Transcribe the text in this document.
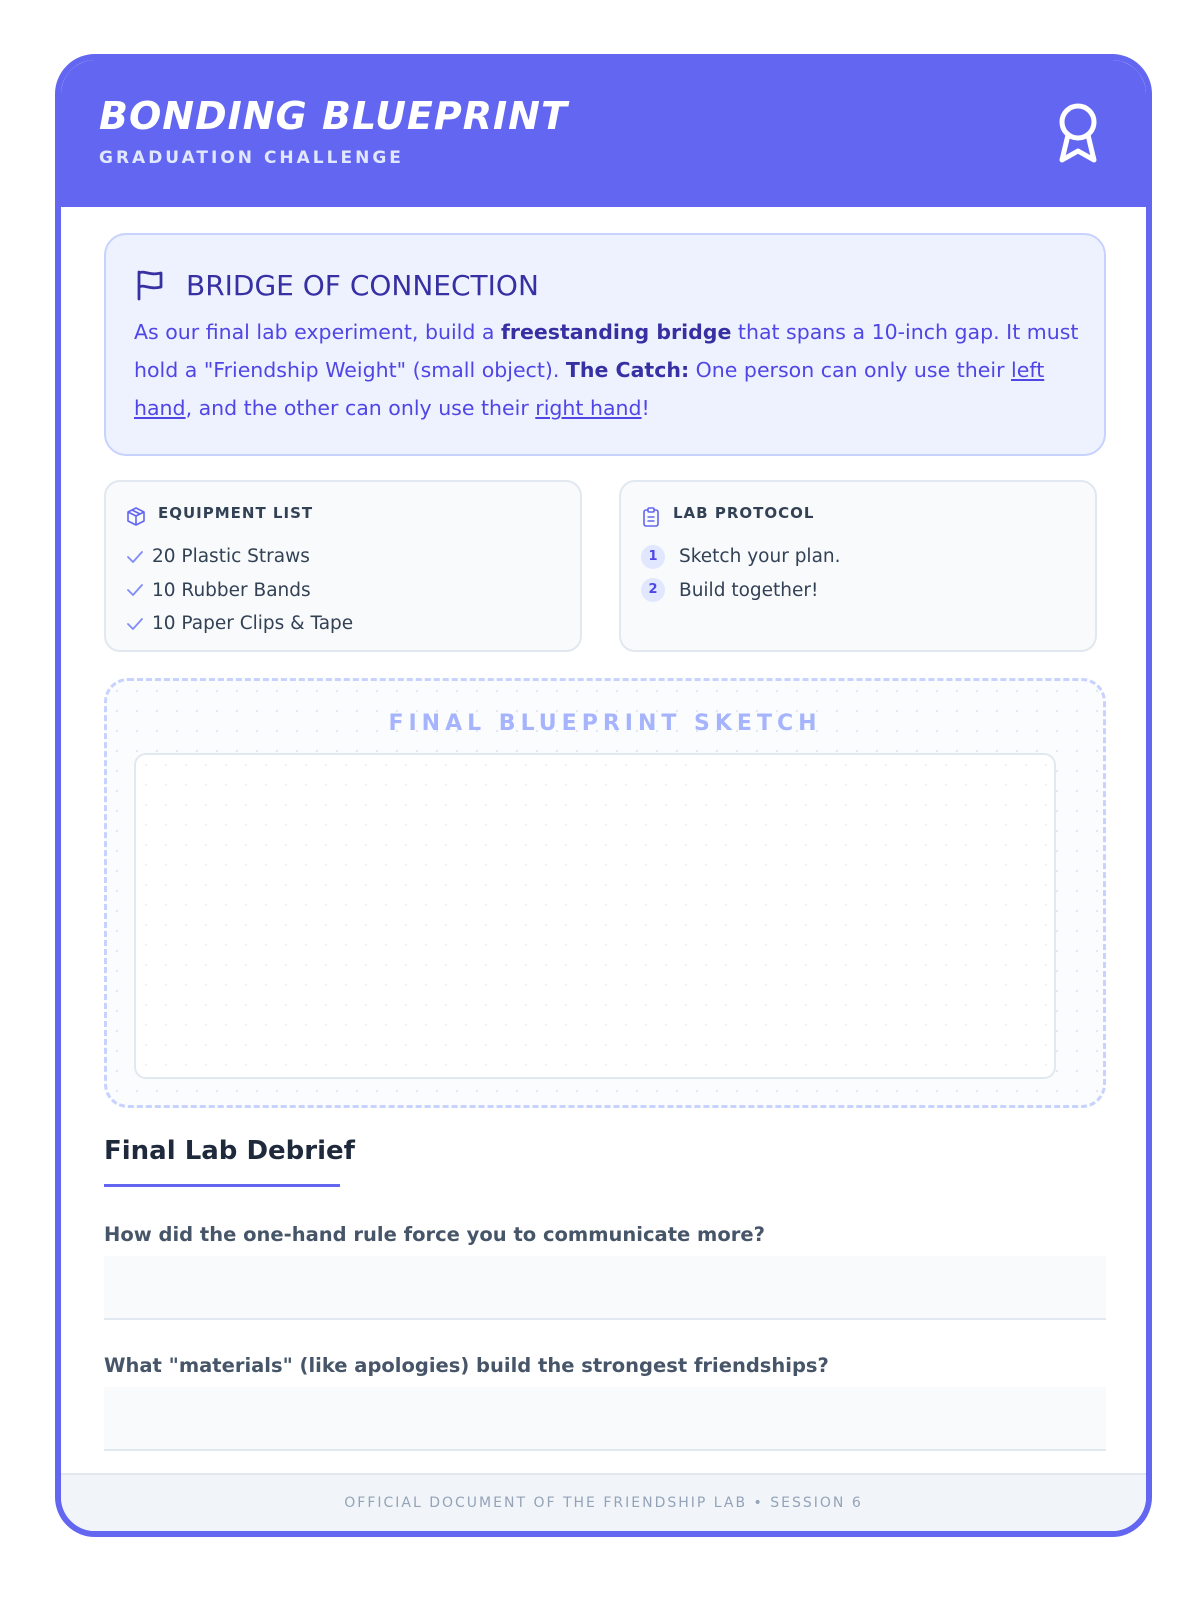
BONDING BLUEPRINT
GRADUATION CHALLENGE
BRIDGE OF CONNECTION
As our final lab experiment, build a freestanding bridge that spans a 10-inch gap. It must hold a "Friendship Weight" (small object). The Catch: One person can only use their left hand, and the other can only use their right hand!
EQUIPMENT LIST
20 Plastic Straws
10 Rubber Bands
10 Paper Clips & Tape
LAB PROTOCOL
1	Sketch your plan.
2	Build together!
FINAL BLUEPRINT SKETCH
Final Lab Debrief
How did the one-hand rule force you to communicate more?
What "materials" (like apologies) build the strongest friendships?
OFFICIAL DOCUMENT OF THE FRIENDSHIP LAB • SESSION 6
